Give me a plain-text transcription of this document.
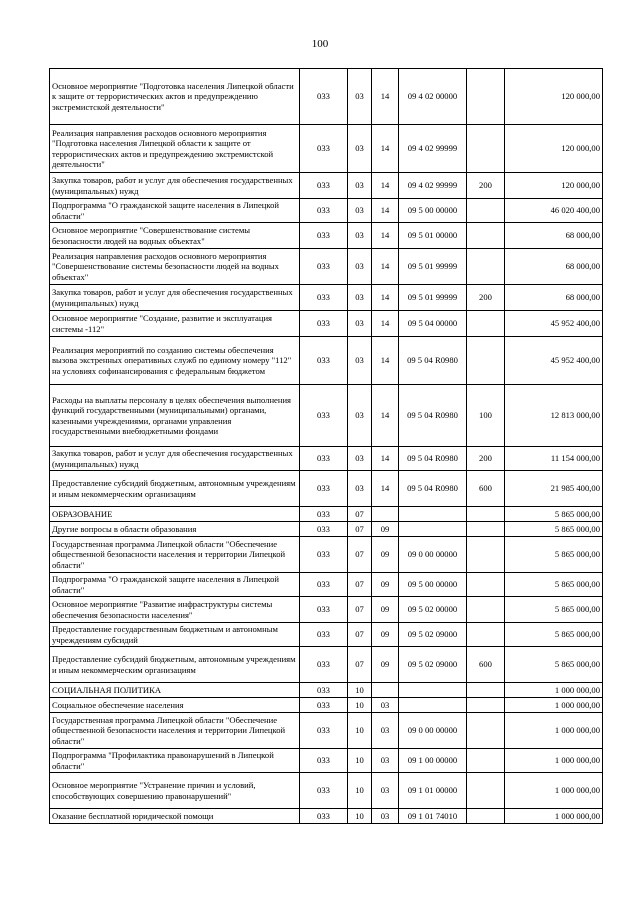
100
Основное мероприятие "Подготовка населения Липецкой области к защите от террористических актов и предупреждению экстремистской деятельности"	033	03	14	09 4 02 00000		120 000,00
Реализация направления расходов основного мероприятия "Подготовка населения Липецкой области к защите от террористических актов и предупреждению экстремистской деятельности"	033	03	14	09 4 02 99999		120 000,00
Закупка товаров, работ и услуг для обеспечения государственных (муниципальных) нужд	033	03	14	09 4 02 99999	200	120 000,00
Подпрограмма "О гражданской защите населения в Липецкой области"	033	03	14	09 5 00 00000		46 020 400,00
Основное мероприятие "Совершенствование системы безопасности людей на водных объектах"	033	03	14	09 5 01 00000		68 000,00
Реализация направления расходов основного мероприятия "Совершенствование системы безопасности людей на водных объектах"	033	03	14	09 5 01 99999		68 000,00
Закупка товаров, работ и услуг для обеспечения государственных (муниципальных) нужд	033	03	14	09 5 01 99999	200	68 000,00
Основное мероприятие "Создание, развитие и эксплуатация системы -112"	033	03	14	09 5 04 00000		45 952 400,00
Реализация мероприятий по созданию системы обеспечения вызова экстренных оперативных служб по единому номеру "112" на условиях софинансирования с федеральным бюджетом	033	03	14	09 5 04 R0980		45 952 400,00
Расходы на выплаты персоналу в целях обеспечения выполнения функций государственными (муниципальными) органами, казенными учреждениями, органами управления государственными внебюджетными фондами	033	03	14	09 5 04 R0980	100	12 813 000,00
Закупка товаров, работ и услуг для обеспечения государственных (муниципальных) нужд	033	03	14	09 5 04 R0980	200	11 154 000,00
Предоставление субсидий бюджетным, автономным учреждениям и иным некоммерческим организациям	033	03	14	09 5 04 R0980	600	21 985 400,00
ОБРАЗОВАНИЕ	033	07				5 865 000,00
Другие вопросы в области образования	033	07	09			5 865 000,00
Государственная программа Липецкой области "Обеспечение общественной безопасности населения и территории Липецкой области"	033	07	09	09 0 00 00000		5 865 000,00
Подпрограмма "О гражданской защите населения в Липецкой области"	033	07	09	09 5 00 00000		5 865 000,00
Основное мероприятие "Развитие инфраструктуры системы обеспечения безопасности населения"	033	07	09	09 5 02 00000		5 865 000,00
Предоставление государственным бюджетным и автономным учреждениям субсидий	033	07	09	09 5 02 09000		5 865 000,00
Предоставление субсидий бюджетным, автономным учреждениям и иным некоммерческим организациям	033	07	09	09 5 02 09000	600	5 865 000,00
СОЦИАЛЬНАЯ ПОЛИТИКА	033	10				1 000 000,00
Социальное обеспечение населения	033	10	03			1 000 000,00
Государственная программа Липецкой области "Обеспечение общественной безопасности населения и территории Липецкой области"	033	10	03	09 0 00 00000		1 000 000,00
Подпрограмма "Профилактика правонарушений в Липецкой области"	033	10	03	09 1 00 00000		1 000 000,00
Основное мероприятие "Устранение причин и условий, способствующих совершению правонарушений"	033	10	03	09 1 01 00000		1 000 000,00
Оказание бесплатной юридической помощи	033	10	03	09 1 01 74010		1 000 000,00
